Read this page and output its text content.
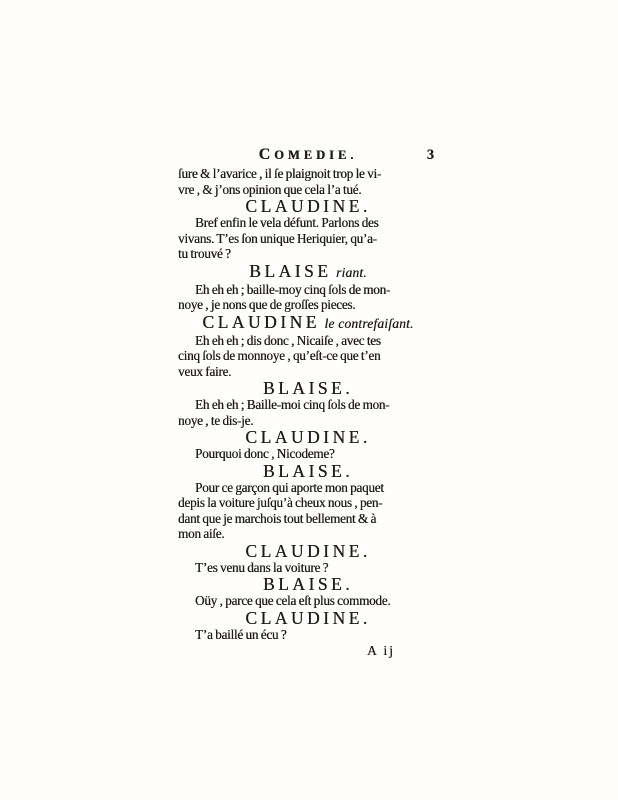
COMEDIE.	3

ſure & l’avarice , il ſe plaignoit trop le vi-
vre , & j’ons opinion que cela l’a tué.

CLAUDINE.

Bref enfin le vela défunt. Parlons des
vivans. T’es ſon unique Heriquier, qu’a-
tu trouvé ?

BLAISE riant.

Eh eh eh ; baille-moy cinq ſols de mon-
noye , je nons que de groſſes pieces.

CLAUDINE le contrefaiſant.

Eh eh eh ; dis donc , Nicaiſe , avec tes
cinq ſols de monnoye , qu’eſt-ce que t’en
veux faire.

BLAISE.

Eh eh eh ; Baille-moi cinq ſols de mon-
noye , te dis-je.

CLAUDINE.

Pourquoi donc , Nicodeme?

BLAISE.

Pour ce garçon qui aporte mon paquet
depis la voiture juſqu’à cheux nous , pen-
dant que je marchois tout bellement & à
mon aiſe.

CLAUDINE.

T’es venu dans la voiture ?

BLAISE.

Oüy , parce que cela eſt plus commode.

CLAUDINE.

T’a baillé un écu ?

A ij
